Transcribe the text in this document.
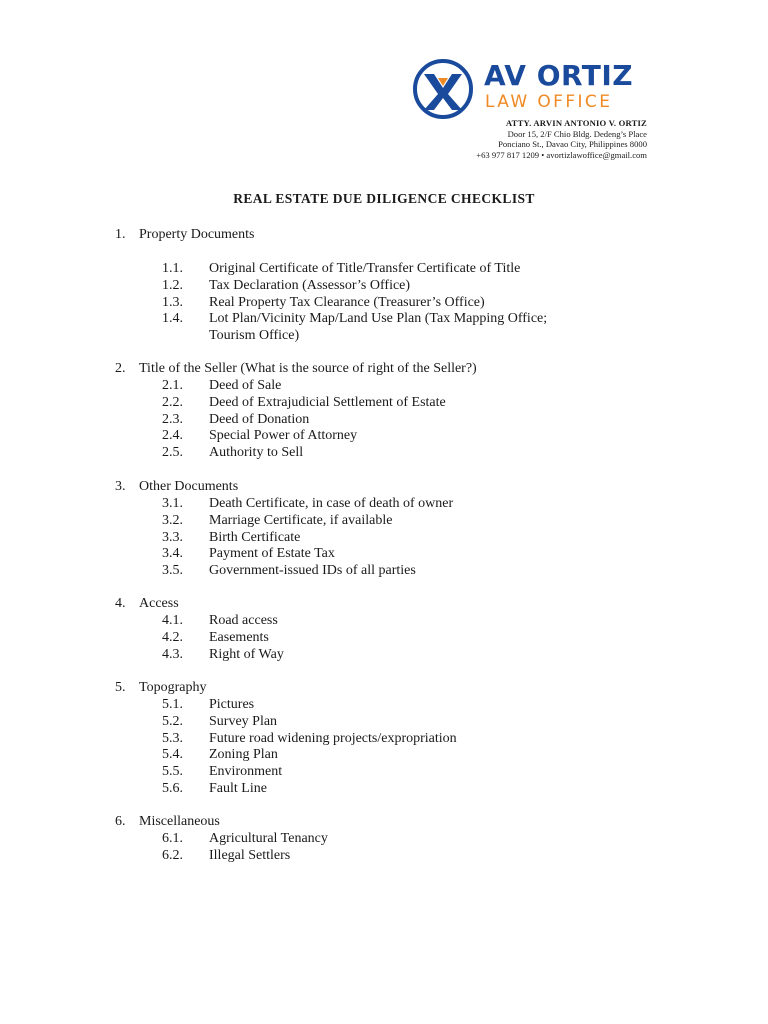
AV ORTIZ
LAW OFFICE
ATTY. ARVIN ANTONIO V. ORTIZ
Door 15, 2/F Chio Bldg. Dedeng’s Place
Ponciano St., Davao City, Philippines 8000
+63 977 817 1209 • avortizlawoffice@gmail.com
REAL ESTATE DUE DILIGENCE CHECKLIST
1. Property Documents
1.1. Original Certificate of Title/Transfer Certificate of Title
1.2. Tax Declaration (Assessor’s Office)
1.3. Real Property Tax Clearance (Treasurer’s Office)
1.4. Lot Plan/Vicinity Map/Land Use Plan (Tax Mapping Office;
Tourism Office)
2. Title of the Seller (What is the source of right of the Seller?)
2.1. Deed of Sale
2.2. Deed of Extrajudicial Settlement of Estate
2.3. Deed of Donation
2.4. Special Power of Attorney
2.5. Authority to Sell
3. Other Documents
3.1. Death Certificate, in case of death of owner
3.2. Marriage Certificate, if available
3.3. Birth Certificate
3.4. Payment of Estate Tax
3.5. Government-issued IDs of all parties
4. Access
4.1. Road access
4.2. Easements
4.3. Right of Way
5. Topography
5.1. Pictures
5.2. Survey Plan
5.3. Future road widening projects/expropriation
5.4. Zoning Plan
5.5. Environment
5.6. Fault Line
6. Miscellaneous
6.1. Agricultural Tenancy
6.2. Illegal Settlers
